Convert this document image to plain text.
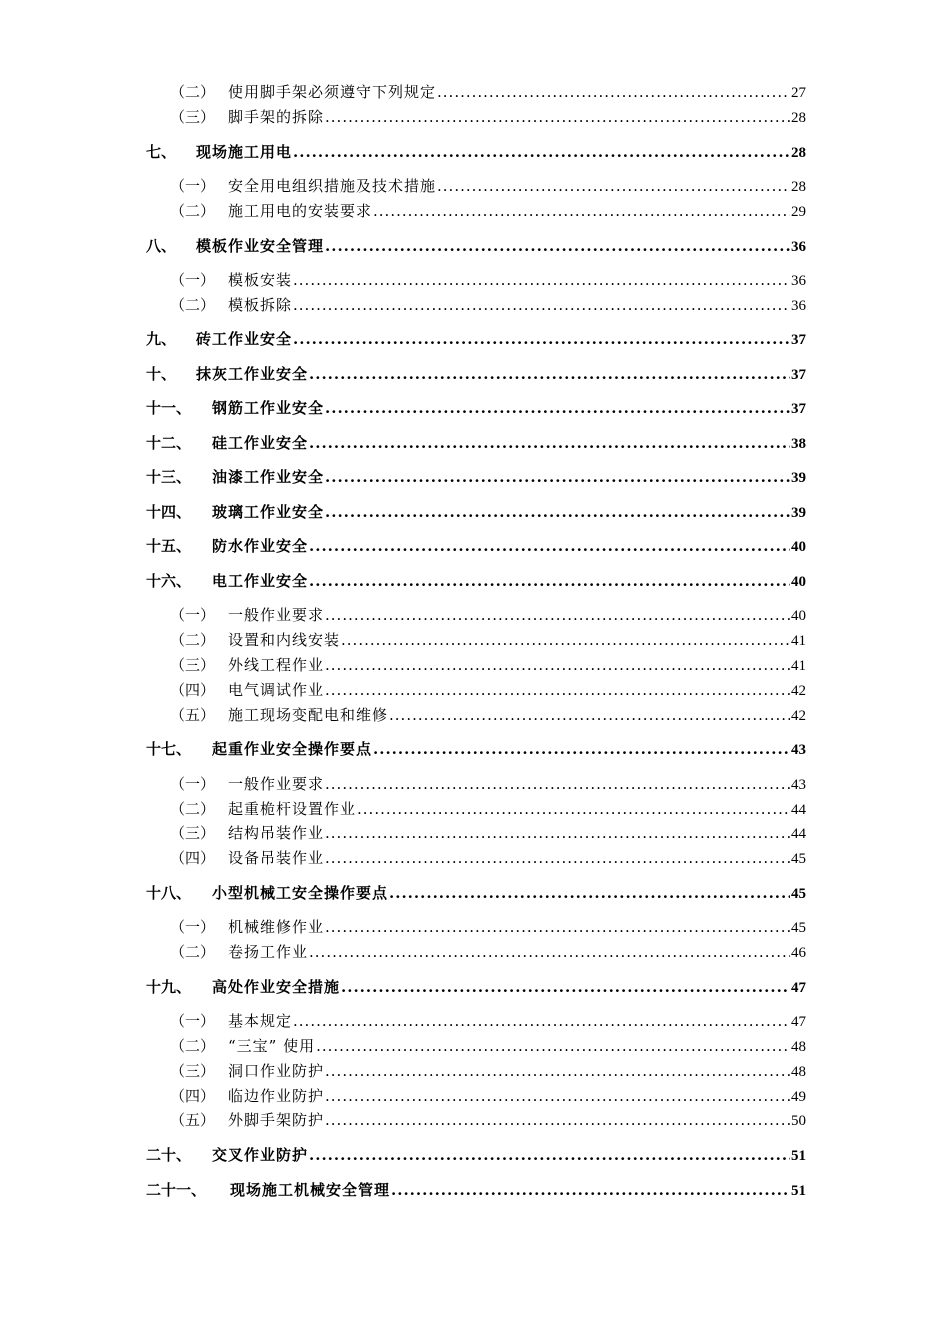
（二） 使用脚手架必须遵守下列规定 .....	27
（三） 脚手架的拆除 .....	28
七、	现场施工用电 .....	28
（一） 安全用电组织措施及技术措施 .....	28
（二） 施工用电的安装要求 .....	29
八、	模板作业安全管理 .....	36
（一） 模板安装 .....	36
（二） 模板拆除 .....	36
九、	砖工作业安全 .....	37
十、	抹灰工作业安全 .....	37
十一、	钢筋工作业安全 .....	37
十二、	硅工作业安全 .....	38
十三、	油漆工作业安全 .....	39
十四、	玻璃工作业安全 .....	39
十五、	防水作业安全 .....	40
十六、	电工作业安全 .....	40
（一） 一般作业要求 .....	40
（二） 设置和内线安装 .....	41
（三） 外线工程作业 .....	41
（四） 电气调试作业 .....	42
（五） 施工现场变配电和维修 .....	42
十七、	起重作业安全操作要点 .....	43
（一） 一般作业要求 .....	43
（二） 起重桅杆设置作业 .....	44
（三） 结构吊装作业 .....	44
（四） 设备吊装作业 .....	45
十八、	小型机械工安全操作要点 .....	45
（一） 机械维修作业 .....	45
（二） 卷扬工作业 .....	46
十九、	高处作业安全措施 .....	47
（一） 基本规定 .....	47
（二） “三宝” 使用 .....	48
（三） 洞口作业防护 .....	48
（四） 临边作业防护 .....	49
（五） 外脚手架防护 .....	50
二十、	交叉作业防护 .....	51
二十一、	现场施工机械安全管理 .....	51
